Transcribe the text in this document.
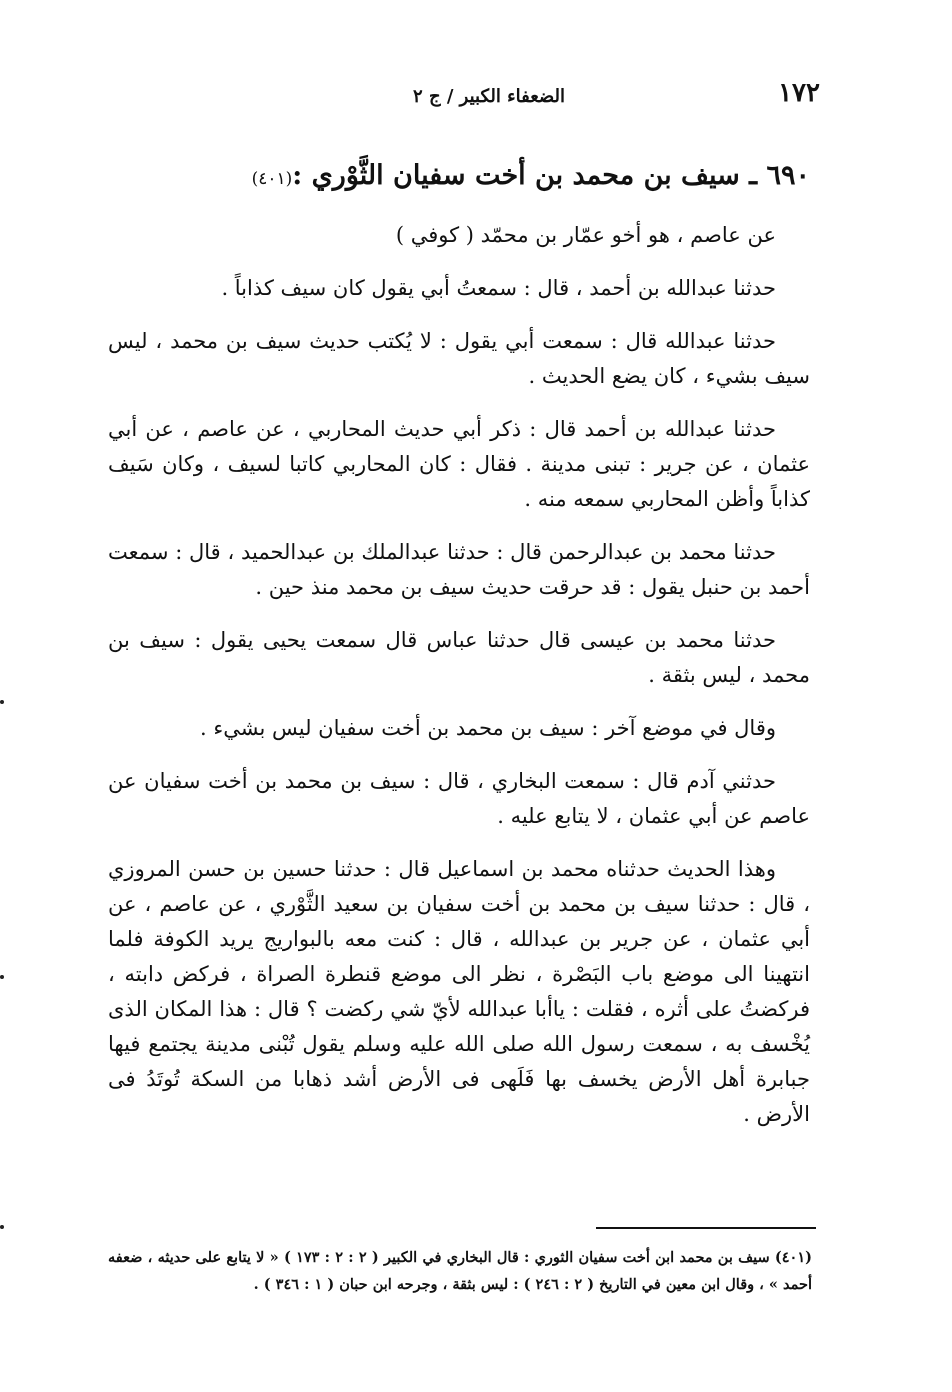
١٧٢
الضعفاء الكبير / ج ٢
٦٩٠ ـ سيف بن محمد بن أخت سفيان الثَّوْري :(٤٠١)

عن عاصم ، هو أخو عمّار بن محمّد ( كوفي )

حدثنا عبدالله بن أحمد ، قال : سمعتُ أبي يقول كان سيف كذاباً .

حدثنا عبدالله قال : سمعت أبي يقول : لا يُكتب حديث سيف بن محمد ، ليس سيف بشيء ، كان يضع الحديث .

حدثنا عبدالله بن أحمد قال : ذكر أبي حديث المحاربي ، عن عاصم ، عن أبي عثمان ، عن جرير : تبنى مدينة . فقال : كان المحاربي كاتبا لسيف ، وكان سَيف كذاباً وأظن المحاربي سمعه منه .

حدثنا محمد بن عبدالرحمن قال : حدثنا عبدالملك بن عبدالحميد ، قال : سمعت أحمد بن حنبل يقول : قد حرقت حديث سيف بن محمد منذ حين .

حدثنا محمد بن عيسى قال حدثنا عباس قال سمعت يحيى يقول : سيف بن محمد ، ليس بثقة .

وقال في موضع آخر : سيف بن محمد بن أخت سفيان ليس بشيء .

حدثني آدم قال : سمعت البخاري ، قال : سيف بن محمد بن أخت سفيان عن عاصم عن أبي عثمان ، لا يتابع عليه .

وهذا الحديث حدثناه محمد بن اسماعيل قال : حدثنا حسين بن حسن المروزي ، قال : حدثنا سيف بن محمد بن أخت سفيان بن سعيد الثَّوْري ، عن عاصم ، عن أبي عثمان ، عن جرير بن عبدالله ، قال : كنت معه بالبواريج يريد الكوفة فلما انتهينا الى موضع باب البَصْرة ، نظر الى موضع قنطرة الصراة ، فركض دابته ، فركضتُ على أثره ، فقلت : ياأبا عبدالله لأيّ شي ركضت ؟ قال : هذا المكان الذى يُخْسف به ، سمعت رسول الله صلى الله عليه وسلم يقول تُبْنى مدينة يجتمع فيها جبابرة أهل الأرض يخسف بها فَلَهى فى الأرض أشد ذهابا من السكة تُوتَدُ فى الأرض .

(٤٠١) سيف بن محمد ابن أخت سفيان الثوري : قال البخاري في الكبير ( ٢ : ٢ : ١٧٣ ) « لا يتابع على حديثه ، ضعفه أحمد » ، وقال ابن معين في التاريخ ( ٢ : ٢٤٦ ) : ليس بثقة ، وجرحه ابن حبان ( ١ : ٣٤٦ ) .
